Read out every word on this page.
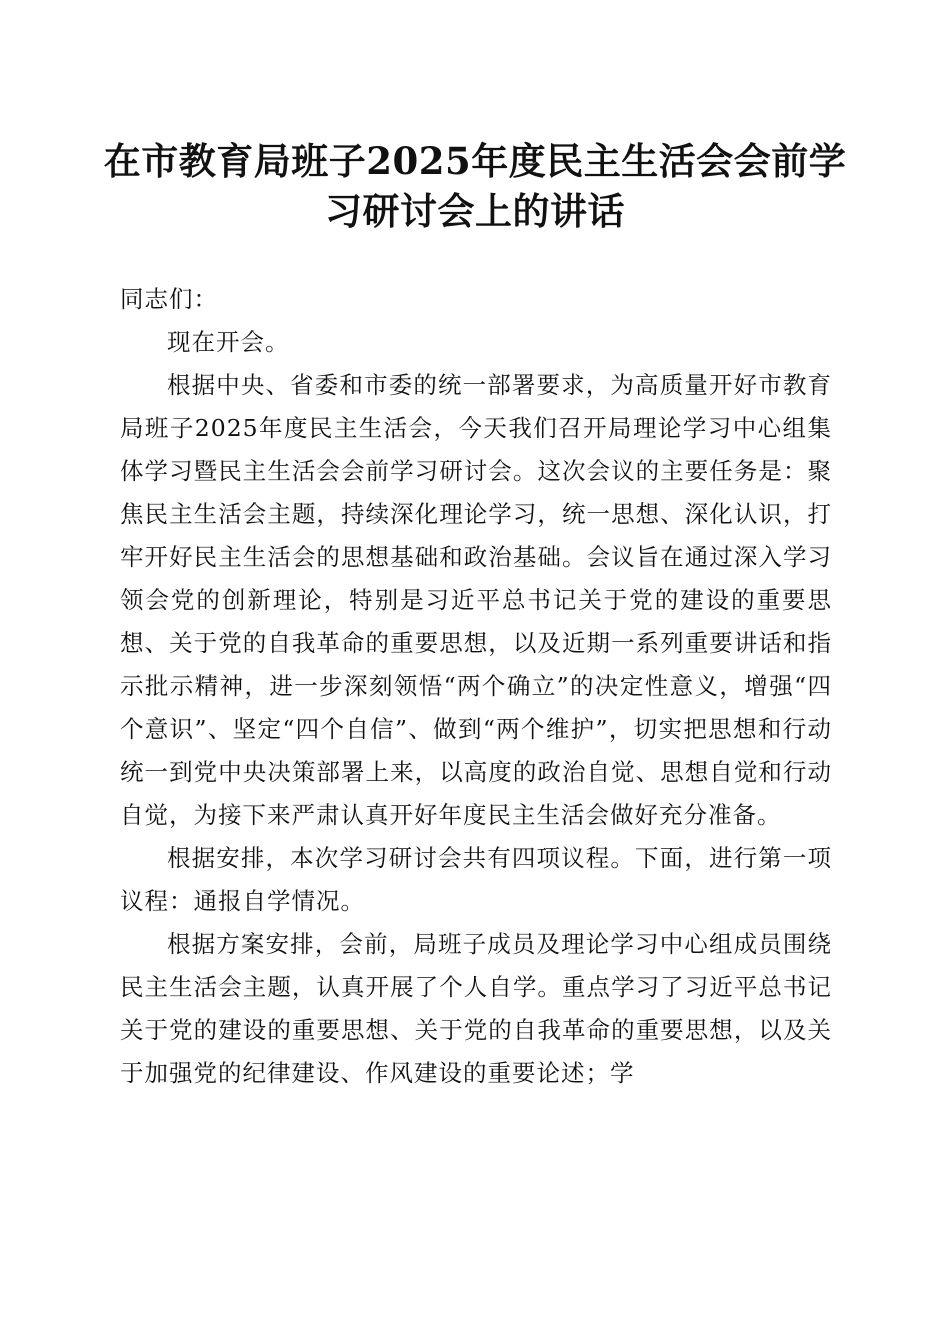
在市教育局班子2025年度民主生活会会前学
习研讨会上的讲话

同志们：

现在开会。

根据中央、省委和市委的统一部署要求，为高质量开好市教育局班子2025年度民主生活会，今天我们召开局理论学习中心组集体学习暨民主生活会会前学习研讨会。这次会议的主要任务是：聚焦民主生活会主题，持续深化理论学习，统一思想、深化认识，打牢开好民主生活会的思想基础和政治基础。会议旨在通过深入学习领会党的创新理论，特别是习近平总书记关于党的建设的重要思想、关于党的自我革命的重要思想，以及近期一系列重要讲话和指示批示精神，进一步深刻领悟“两个确立”的决定性意义，增强“四个意识”、坚定“四个自信”、做到“两个维护”，切实把思想和行动统一到党中央决策部署上来，以高度的政治自觉、思想自觉和行动自觉，为接下来严肃认真开好年度民主生活会做好充分准备。

根据安排，本次学习研讨会共有四项议程。下面，进行第一项议程：通报自学情况。

根据方案安排，会前，局班子成员及理论学习中心组成员围绕民主生活会主题，认真开展了个人自学。重点学习了习近平总书记关于党的建设的重要思想、关于党的自我革命的重要思想，以及关于加强党的纪律建设、作风建设的重要论述；学
